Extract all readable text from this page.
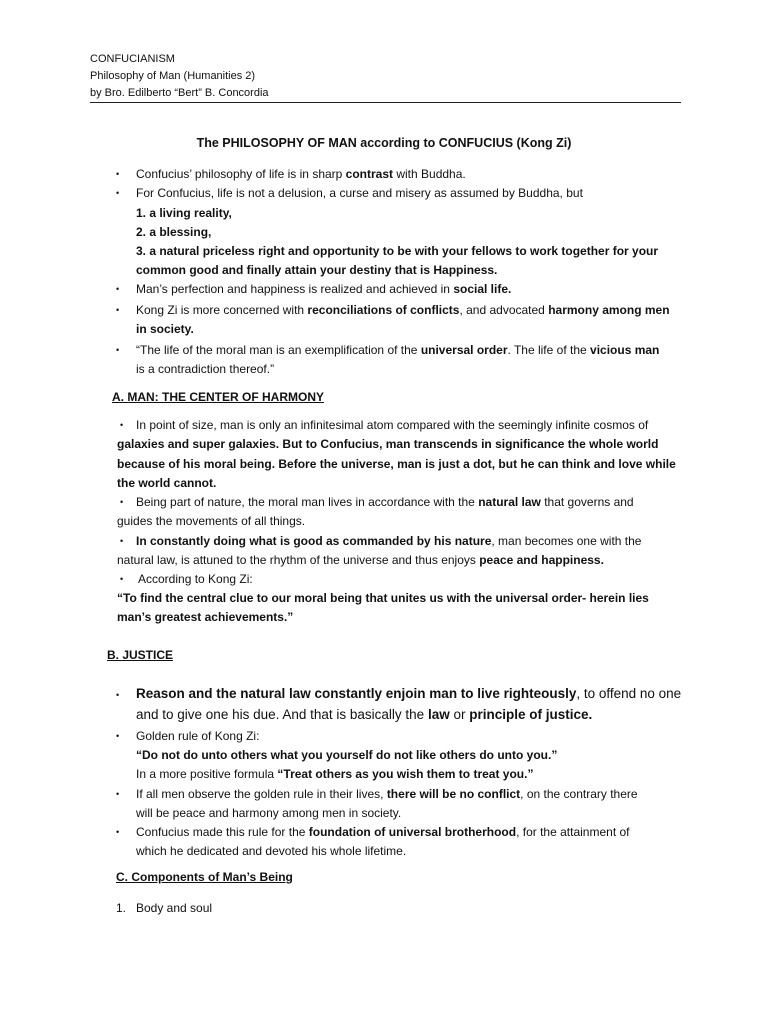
CONFUCIANISM
Philosophy of Man (Humanities 2)
by Bro. Edilberto “Bert” B. Concordia
The PHILOSOPHY OF MAN according to CONFUCIUS (Kong Zi)
• Confucius’ philosophy of life is in sharp contrast with Buddha.
• For Confucius, life is not a delusion, a curse and misery as assumed by Buddha, but
1. a living reality,
2. a blessing,
3. a natural priceless right and opportunity to be with your fellows to work together for your
common good and finally attain your destiny that is Happiness.
• Man’s perfection and happiness is realized and achieved in social life.
• Kong Zi is more concerned with reconciliations of conflicts, and advocated harmony among men
in society.
• “The life of the moral man is an exemplification of the universal order. The life of the vicious man
is a contradiction thereof.”
A. MAN: THE CENTER OF HARMONY
• In point of size, man is only an infinitesimal atom compared with the seemingly infinite cosmos of
galaxies and super galaxies. But to Confucius, man transcends in significance the whole world
because of his moral being. Before the universe, man is just a dot, but he can think and love while
the world cannot.
• Being part of nature, the moral man lives in accordance with the natural law that governs and
guides the movements of all things.
• In constantly doing what is good as commanded by his nature, man becomes one with the
natural law, is attuned to the rhythm of the universe and thus enjoys peace and happiness.
• According to Kong Zi:
“To find the central clue to our moral being that unites us with the universal order- herein lies
man’s greatest achievements.”
B. JUSTICE
• Reason and the natural law constantly enjoin man to live righteously, to offend no one
and to give one his due. And that is basically the law or principle of justice.
• Golden rule of Kong Zi:
“Do not do unto others what you yourself do not like others do unto you.”
In a more positive formula “Treat others as you wish them to treat you.”
• If all men observe the golden rule in their lives, there will be no conflict, on the contrary there
will be peace and harmony among men in society.
• Confucius made this rule for the foundation of universal brotherhood, for the attainment of
which he dedicated and devoted his whole lifetime.
C. Components of Man’s Being
1. Body and soul
